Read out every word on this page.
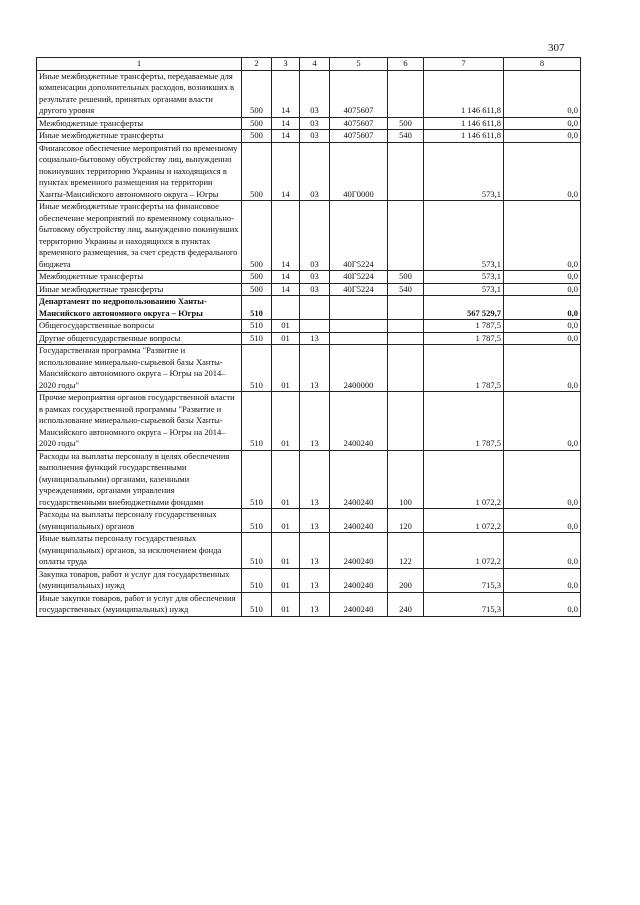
307
1	2	3	4	5	6	7	8
Иные межбюджетные трансферты, передаваемые для компенсации дополнительных расходов, возникших в результате решений, принятых органами власти другого уровня	500	14	03	4075607		1 146 611,8	0,0
Межбюджетные трансферты	500	14	03	4075607	500	1 146 611,8	0,0
Иные межбюджетные трансферты	500	14	03	4075607	540	1 146 611,8	0,0
Финансовое обеспечение мероприятий по временному социально-бытовому обустройству лиц, вынужденно покинувших территорию Украины и находящихся в пунктах временного размещения на территории Ханты-Мансийского автономного округа – Югры	500	14	03	40Г0000		573,1	0,0
Иные межбюджетные трансферты на финансовое обеспечение мероприятий по временному социально-бытовому обустройству лиц, вынужденно покинувших территорию Украины и находящихся в пунктах временного размещения, за счет средств федерального бюджета	500	14	03	40Г5224		573,1	0,0
Межбюджетные трансферты	500	14	03	40Г5224	500	573,1	0,0
Иные межбюджетные трансферты	500	14	03	40Г5224	540	573,1	0,0
Департамент по недропользованию Ханты-Мансийского автономного округа – Югры	510					567 529,7	0,0
Общегосударственные вопросы	510	01				1 787,5	0,0
Другие общегосударственные вопросы	510	01	13			1 787,5	0,0
Государственная программа "Развитие и использование минерально-сырьевой базы Ханты-Мансийского автономного округа – Югры на 2014–2020 годы"	510	01	13	2400000		1 787,5	0,0
Прочие мероприятия органов государственной власти в рамках государственной программы "Развитие и использование минерально-сырьевой базы Ханты-Мансийского автономного округа – Югры на 2014–2020 годы"	510	01	13	2400240		1 787,5	0,0
Расходы на выплаты персоналу в целях обеспечения выполнения функций государственными (муниципальными) органами, казенными учреждениями, органами управления государственными внебюджетными фондами	510	01	13	2400240	100	1 072,2	0,0
Расходы на выплаты персоналу государственных (муниципальных) органов	510	01	13	2400240	120	1 072,2	0,0
Иные выплаты персоналу государственных (муниципальных) органов, за исключением фонда оплаты труда	510	01	13	2400240	122	1 072,2	0,0
Закупка товаров, работ и услуг для государственных (муниципальных) нужд	510	01	13	2400240	200	715,3	0,0
Иные закупки товаров, работ и услуг для обеспечения государственных (муниципальных) нужд	510	01	13	2400240	240	715,3	0,0
